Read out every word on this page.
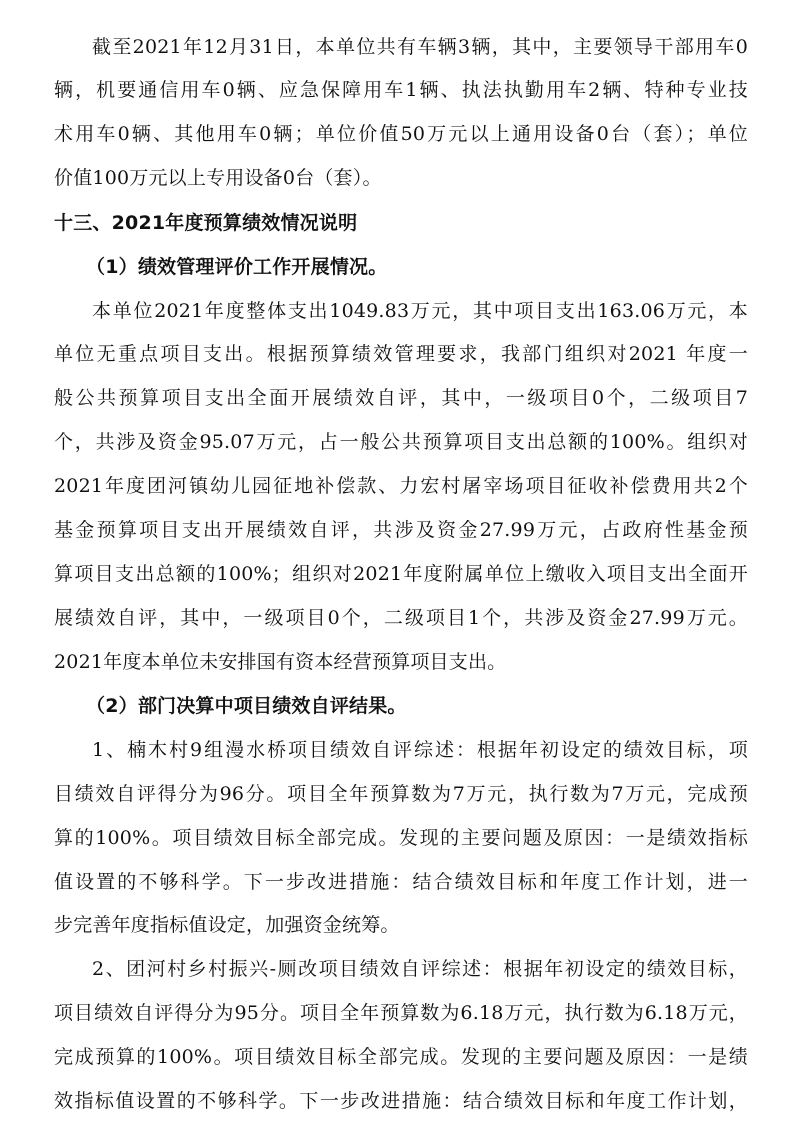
截至2021年12月31日，本单位共有车辆3辆，其中，主要领导干部用车0
辆，机要通信用车0辆、应急保障用车1辆、执法执勤用车2辆、特种专业技
术用车0辆、其他用车0辆；单位价值50万元以上通用设备0台（套）；单位
价值100万元以上专用设备0台（套）。
十三、2021年度预算绩效情况说明
（1）绩效管理评价工作开展情况。
本单位2021年度整体支出1049.83万元，其中项目支出163.06万元，本
单位无重点项目支出。根据预算绩效管理要求，我部门组织对2021 年度一
般公共预算项目支出全面开展绩效自评，其中，一级项目0个，二级项目7
个，共涉及资金95.07万元，占一般公共预算项目支出总额的100%。组织对
2021年度团河镇幼儿园征地补偿款、力宏村屠宰场项目征收补偿费用共2个
基金预算项目支出开展绩效自评，共涉及资金27.99万元，占政府性基金预
算项目支出总额的100%；组织对2021年度附属单位上缴收入项目支出全面开
展绩效自评，其中，一级项目0个，二级项目1个，共涉及资金27.99万元。
2021年度本单位未安排国有资本经营预算项目支出。
（2）部门决算中项目绩效自评结果。
1、楠木村9组漫水桥项目绩效自评综述：根据年初设定的绩效目标，项
目绩效自评得分为96分。项目全年预算数为7万元，执行数为7万元，完成预
算的100%。项目绩效目标全部完成。发现的主要问题及原因：一是绩效指标
值设置的不够科学。下一步改进措施：结合绩效目标和年度工作计划，进一
步完善年度指标值设定，加强资金统筹。
2、团河村乡村振兴-厕改项目绩效自评综述：根据年初设定的绩效目标，
项目绩效自评得分为95分。项目全年预算数为6.18万元，执行数为6.18万元，
完成预算的100%。项目绩效目标全部完成。发现的主要问题及原因：一是绩
效指标值设置的不够科学。下一步改进措施：结合绩效目标和年度工作计划，
